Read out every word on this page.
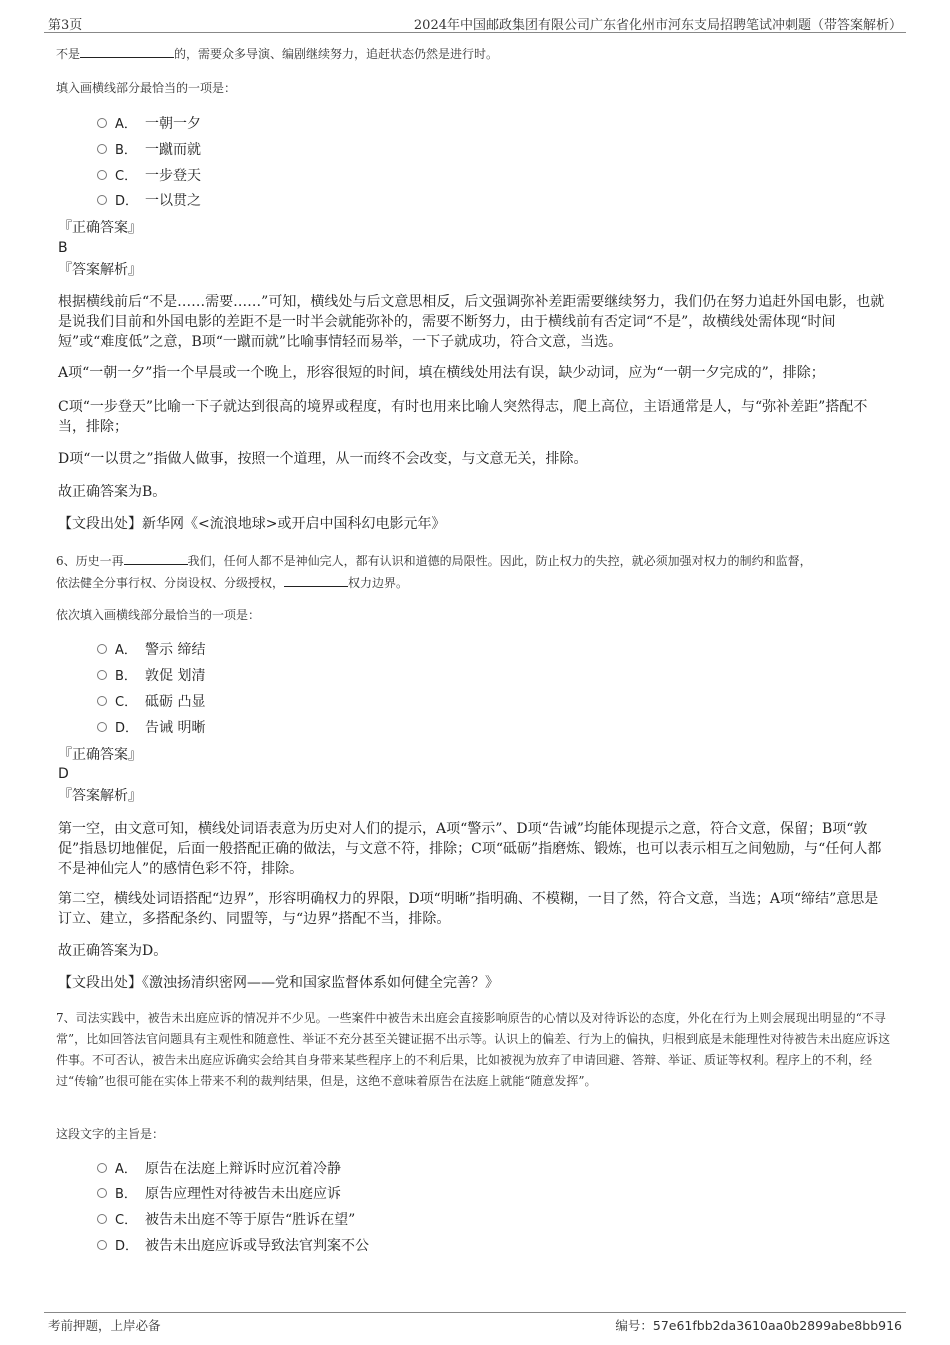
第3页	2024年中国邮政集团有限公司广东省化州市河东支局招聘笔试冲刺题（带答案解析）
不是	的，需要众多导演、编剧继续努力，追赶状态仍然是进行时。
填入画横线部分最恰当的一项是：
A． 一朝一夕
B． 一蹴而就
C． 一步登天
D． 一以贯之
『正确答案』
B
『答案解析』
根据横线前后“不是……需要……”可知，横线处与后文意思相反，后文强调弥补差距需要继续努力，我们仍在努力追赶外国电影，也就是说我们目前和外国电影的差距不是一时半会就能弥补的，需要不断努力，由于横线前有否定词“不是”，故横线处需体现“时间短”或“难度低”之意，B项“一蹴而就”比喻事情轻而易举，一下子就成功，符合文意，当选。
A项“一朝一夕”指一个早晨或一个晚上，形容很短的时间，填在横线处用法有误，缺少动词，应为“一朝一夕完成的”，排除；
C项“一步登天”比喻一下子就达到很高的境界或程度，有时也用来比喻人突然得志，爬上高位，主语通常是人，与“弥补差距”搭配不当，排除；
D项“一以贯之”指做人做事，按照一个道理，从一而终不会改变，与文意无关，排除。
故正确答案为B。
【文段出处】新华网《<流浪地球>或开启中国科幻电影元年》
6、历史一再	我们，任何人都不是神仙完人，都有认识和道德的局限性。因此，防止权力的失控，就必须加强对权力的制约和监督，
依法健全分事行权、分岗设权、分级授权，	权力边界。
依次填入画横线部分最恰当的一项是：
A． 警示 缔结
B． 敦促 划清
C． 砥砺 凸显
D． 告诫 明晰
『正确答案』
D
『答案解析』
第一空，由文意可知，横线处词语表意为历史对人们的提示，A项“警示”、D项“告诫”均能体现提示之意，符合文意，保留；B项“敦促”指恳切地催促，后面一般搭配正确的做法，与文意不符，排除；C项“砥砺”指磨炼、锻炼，也可以表示相互之间勉励，与“任何人都不是神仙完人”的感情色彩不符，排除。
第二空，横线处词语搭配“边界”，形容明确权力的界限，D项“明晰”指明确、不模糊，一目了然，符合文意，当选；A项“缔结”意思是订立、建立，多搭配条约、同盟等，与“边界”搭配不当，排除。
故正确答案为D。
【文段出处】《激浊扬清织密网——党和国家监督体系如何健全完善？》
7、司法实践中，被告未出庭应诉的情况并不少见。一些案件中被告未出庭会直接影响原告的心情以及对待诉讼的态度，外化在行为上则会展现出明显的“不寻常”，比如回答法官问题具有主观性和随意性、举证不充分甚至关键证据不出示等。认识上的偏差、行为上的偏执，归根到底是未能理性对待被告未出庭应诉这件事。不可否认，被告未出庭应诉确实会给其自身带来某些程序上的不利后果，比如被视为放弃了申请回避、答辩、举证、质证等权利。程序上的不利，经过“传输”也很可能在实体上带来不利的裁判结果，但是，这绝不意味着原告在法庭上就能“随意发挥”。
这段文字的主旨是：
A． 原告在法庭上辩诉时应沉着冷静
B． 原告应理性对待被告未出庭应诉
C． 被告未出庭不等于原告“胜诉在望”
D． 被告未出庭应诉或导致法官判案不公
考前押题，上岸必备	编号：57e61fbb2da3610aa0b2899abe8bb916
